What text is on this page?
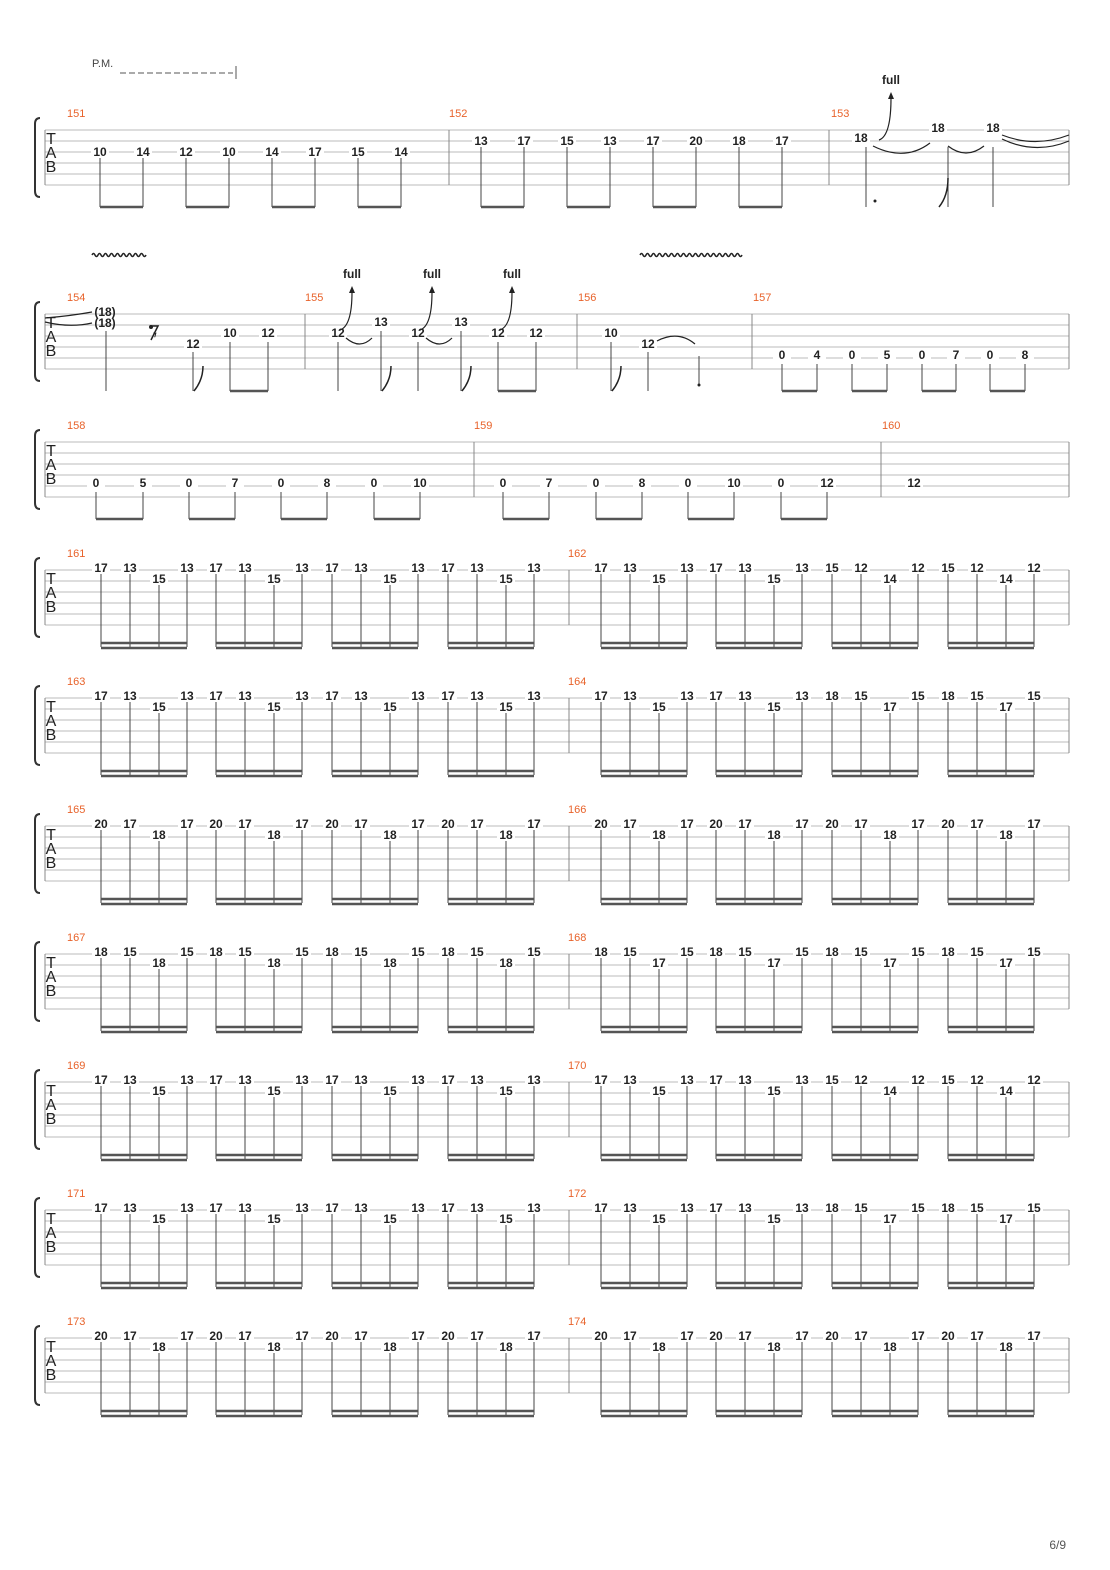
T
A
B
P.M.
151	152	153
10 14 12 10 14 17 15 14
13 17 15 13 17 20 18 17	18
full
18	18
T
A
B
154	155	156	157
(18)
(18)
𝄾
12
10 12	12
full
13
12
full
13
12
full
12	10
12
0 4 0 5 0 7 0 8
T
A
B
158	159	160
0	5	0	7	0	8	0	10	0	7	0	8	0	10	0	12	12
T
A
B
161	162
17 13
15
13 17 13
15
13 17 13
15
13 17 13
15
13	17 13
15
13 17 13
15
13 15 12
14
12 15 12
14
12
T
A
B
163	164
17 13
15
13 17 13
15
13 17 13
15
13 17 13
15
13	17 13
15
13 17 13
15
13 18 15
17
15 18 15
17
15
T
A
B
165	166
20 17
18
17 20 17
18
17 20 17
18
17 20 17
18
17	20 17
18
17 20 17
18
17 20 17
18
17 20 17
18
17
T
A
B
167	168
18 15
18
15 18 15
18
15 18 15
18
15 18 15
18
15	18 15
17
15 18 15
17
15 18 15
17
15 18 15
17
15
T
A
B
169	170
17 13
15
13 17 13
15
13 17 13
15
13 17 13
15
13	17 13
15
13 17 13
15
13 15 12
14
12 15 12
14
12
T
A
B
171	172
17 13
15
13 17 13
15
13 17 13
15
13 17 13
15
13	17 13
15
13 17 13
15
13 18 15
17
15 18 15
17
15
T
A
B
173	174
20 17
18
17 20 17
18
17 20 17
18
17 20 17
18
17	20 17
18
17 20 17
18
17 20 17
18
17 20 17
18
17
6/9
